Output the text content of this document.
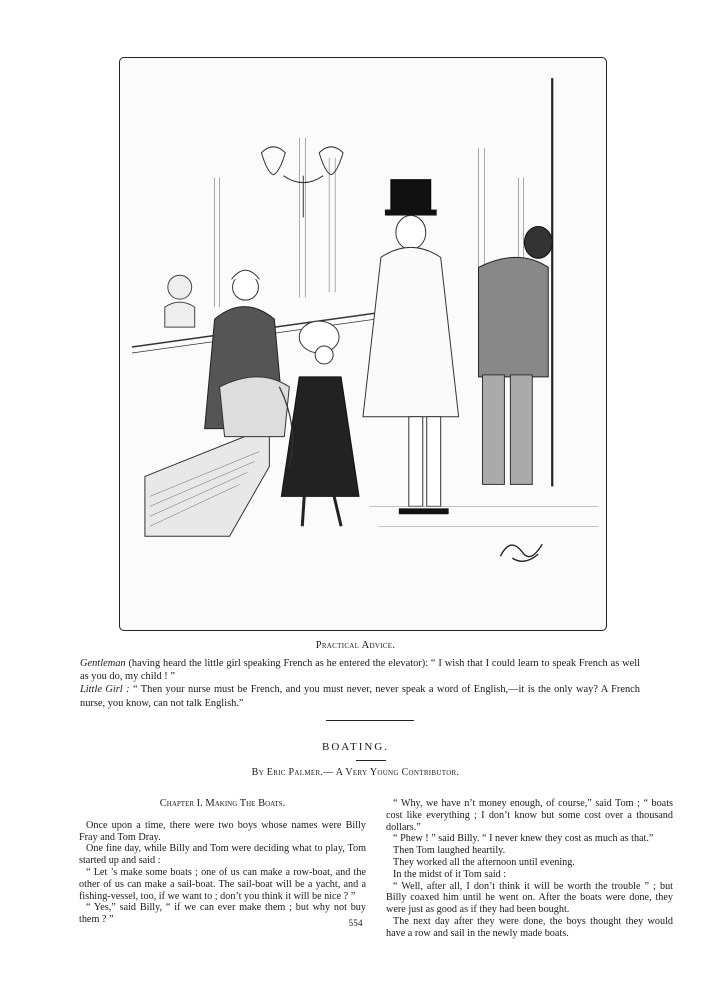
Practical Advice.

Gentleman (having heard the little girl speaking French as he entered the elevator): “ I wish that I could learn to speak French as well as you do, my child ! ”

Little Girl : “ Then your nurse must be French, and you must never, never speak a word of English,—it is the only way? A French nurse, you know, can not talk English.”

BOATING.
By Eric Palmer.— A Very Young Contributor.

Chapter I. Making The Boats.

Once upon a time, there were two boys whose names were Billy Fray and Tom Dray.

One fine day, while Billy and Tom were deciding what to play, Tom started up and said :

“ Let ’s make some boats ; one of us can make a row-boat, and the other of us can make a sail-boat. The sail-boat will be a yacht, and a fishing-vessel, too, if we want to ; don’t you think it will be nice ? ”

“ Yes,” said Billy, “ if we can ever make them ; but why not buy them ? ”

“ Why, we have n’t money enough, of course,” said Tom ; “ boats cost like everything ; I don’t know but some cost over a thousand dollars.”

“ Phew ! ” said Billy. “ I never knew they cost as much as that.”

Then Tom laughed heartily.

They worked all the afternoon until evening.

In the midst of it Tom said :

“ Well, after all, I don’t think it will be worth the trouble ” ; but Billy coaxed him until he went on. After the boats were done, they were just as good as if they had been bought.

The next day after they were done, the boys thought they would have a row and sail in the newly made boats.

554
